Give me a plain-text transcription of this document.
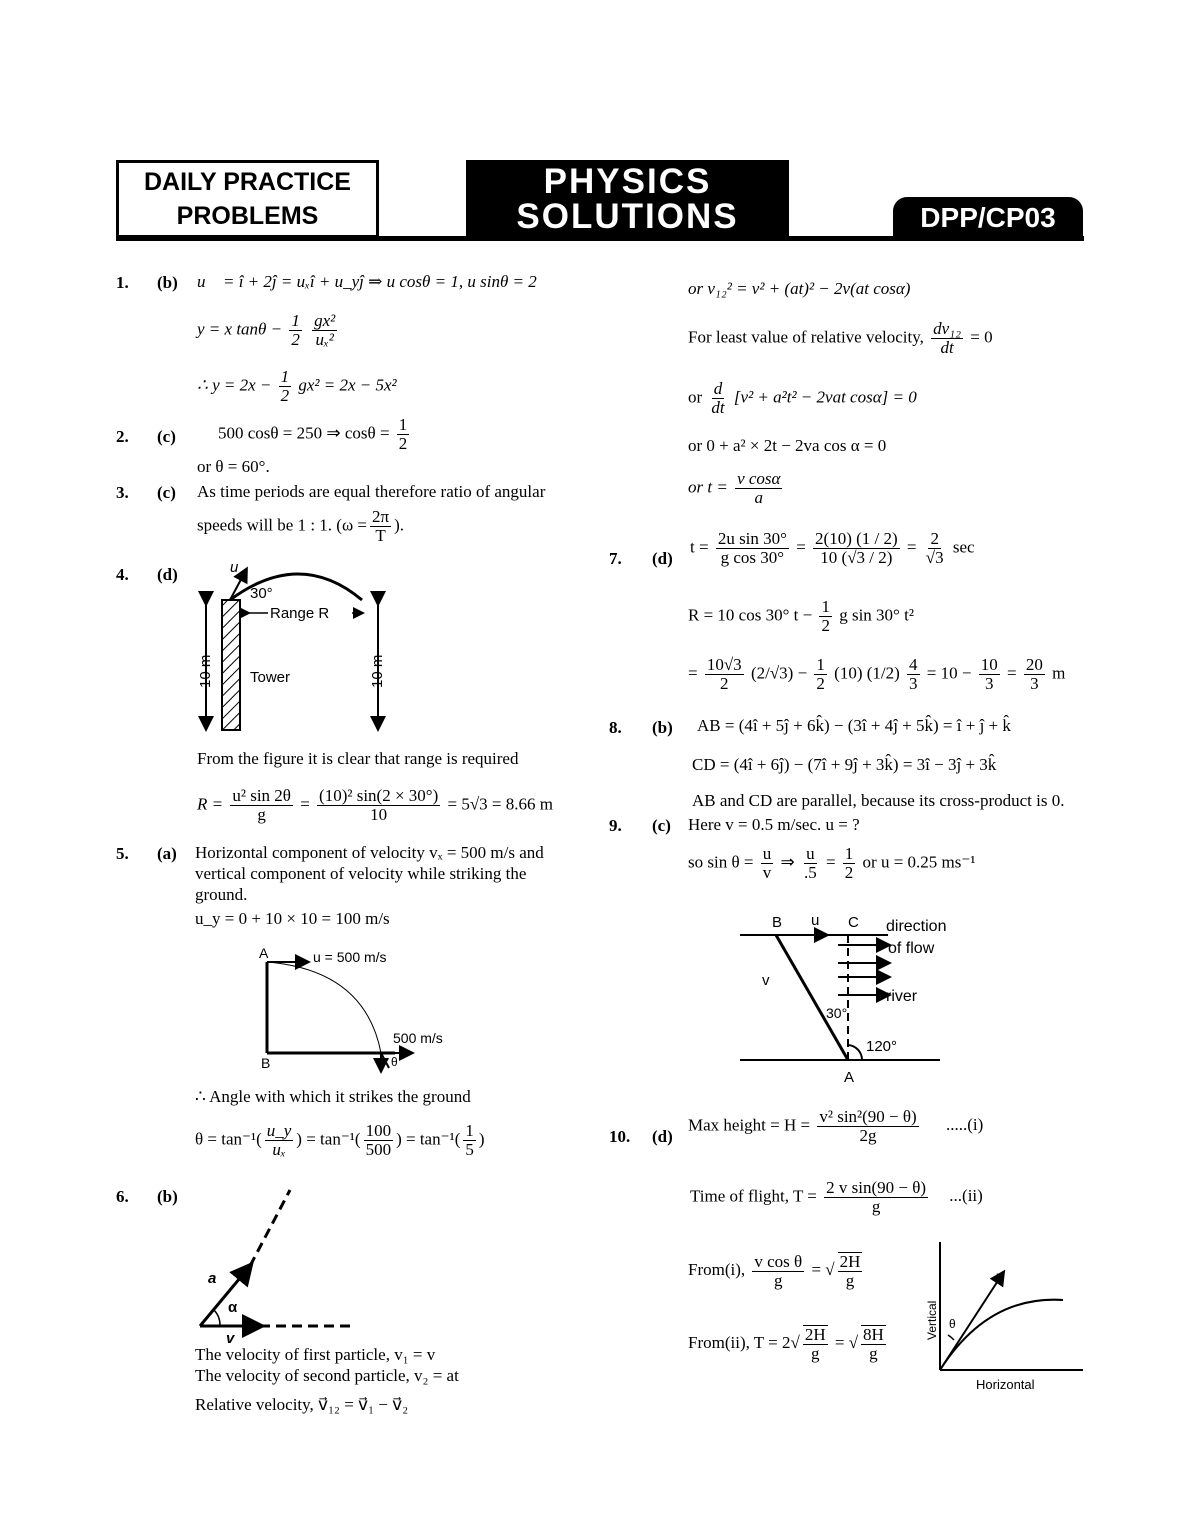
DAILY PRACTICE
PROBLEMS
PHYSICS
SOLUTIONS	DPP/CP03
1. (b) u⃗ = î + 2ĵ = uₓî + u_yĵ ⇒ u cosθ = 1, u sinθ = 2
y = x $\tan\theta - \frac{1}{2}$
$\frac{\text{gx²}}{\text{uₓ²}}$
∴ $y = 2x - \frac{1}{2} gx^2 = 2x - 5x^2$
2. (c) 500 cosθ = 250 ⇒ $\cos\theta = \frac{1}{2}$
or θ = 60°.
3. (c) As time periods are equal therefore ratio of angular
speeds will be 1 : 1. ($\omega = \frac{2\pi}{T}$ ).
4. (d)	u
30°
Range R
Tower
10 m	10 m
From the figure it is clear that range is required
$R = \frac{\text{u² sin 2θ}}{g} = \frac{\text{(10)² sin(2 × 30°)}}{10} = 5√3 = 8.66$ m
5. (a) Horizontal component of velocity vₓ = 500 m/s and
vertical component of velocity while striking the
ground.
u_y = 0 + 10 × 10 = 100 m/s
A
B
u = 500 m/s
500 m/s
θ
∴ Angle with which it strikes the ground
$\theta = \tan^{-1}( \frac{u\_y}{\text{uₓ}}$ ) = $\tan^{-1}( \frac{100}{500}$ ) = $\tan^{-1}( \frac{1}{5}$ )
6. (b)
a
α
v
The velocity of first particle, v₁ = v
The velocity of second particle, v₂ = at
Relative velocity, v⃗₁₂ = v⃗₁ − v⃗₂
or v₁₂² = v² + (at)² − 2v(at cosα)
For least value of relative velocity, $\frac{\text{dv₁₂}}{dt} = 0$
or $\frac{d}{dt} [v^2 + a^2t^2 - 2vat$ cosα] = 0
or 0 + a² × 2t − 2va cos α = 0
or $t = \frac{\text{v cosα}}{a}$
7. (d)
$t = \frac{\text{2u sin 30°}}{\text{g cos 30°}} = \frac{2(10) (1 / 2)}{10 (√3 / 2)} = \frac{2}{√3}$ sec
R = 10 cos 30° $t - \frac{1}{2}$ g sin 30° t²
= $\frac{10√3}{2} (2/√3) - \frac{1}{2} (10)$ $(1/2) \frac{4}{3} = 10 - \frac{10}{3} = \frac{20}{3}$ m
8. (b) AB = (4î + 5ĵ + 6k̂) − (3î + 4ĵ + 5k̂) = î + ĵ + k̂
CD = (4î + 6ĵ) − (7î + 9ĵ + 3k̂) = 3î − 3ĵ + 3k̂
AB and CD are parallel, because its cross-product is 0.
9. (c) Here v = 0.5 m/sec. u = ?
so $\sin \theta = \frac{u}{v}$ ⇒ $\frac{u}{.5} = \frac{1}{2}$ or u = 0.25 ms⁻¹
B u C direction
of flow
v
river
30°
120°
A
10. (d)
Max height = $H = \frac{\text{v² sin²(90 − θ)}}{2g} .....(i)$
Time of flight, $T = \frac{\text{2 v sin(90 − θ)}}{g} ...(ii)$
From(i), $\frac{\text{v cos θ}}{g}$ = √ $\frac{2H}{g}$
From(ii), $T = 2√ \frac{2H}{g}$ = √ $\frac{8H}{g}$
Vertical
Horizontal
v
θ
